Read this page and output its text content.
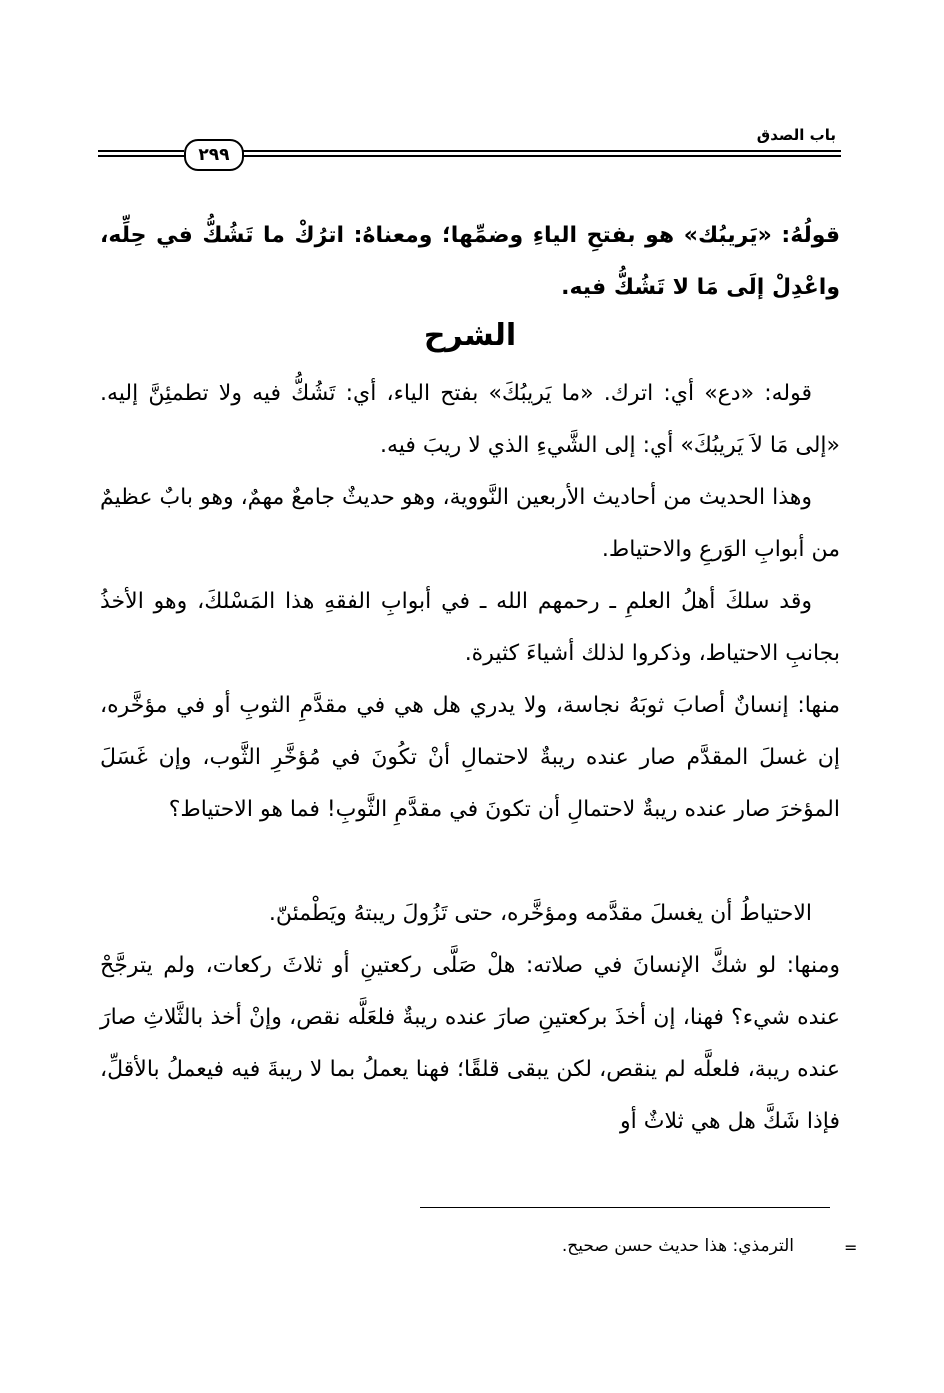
باب الصدق
٢٩٩
قولُهُ: «يَريبُك» هو بفتحِ الياءِ وضمِّها؛ ومعناهُ: اترُكْ ما تَشُكُّ في حِلِّه، واعْدِلْ إلَى مَا لا تَشُكُّ فيه.
الشرح
قوله: «دع» أي: اترك. «ما يَريبُكَ» بفتح الياء، أي: تَشُكُّ فيه ولا تطمئِنَّ إليه. «إلى مَا لاَ يَريبُكَ» أي: إلى الشَّيءِ الذي لا ريبَ فيه.
وهذا الحديث من أحاديث الأربعين النَّووية، وهو حديثٌ جامعٌ مهمٌ، وهو بابٌ عظيمٌ من أبوابِ الوَرعِ والاحتياط.
وقد سلكَ أهلُ العلمِ ـ رحمهم الله ـ في أبوابِ الفقهِ هذا المَسْلكَ، وهو الأخذُ بجانبِ الاحتياط، وذكروا لذلك أشياءَ كثيرة.
منها: إنسانٌ أصابَ ثوبَهُ نجاسة، ولا يدري هل هي في مقدَّمِ الثوبِ أو في مؤخَّره، إن غسلَ المقدَّم صار عنده ريبةٌ لاحتمالِ أنْ تكُونَ في مُؤخَّرِ الثَّوب، وإن غَسَلَ المؤخرَ صار عنده ريبةٌ لاحتمالِ أن تكونَ في مقدَّمِ الثَّوبِ! فما هو الاحتياط؟
الاحتياطُ أن يغسلَ مقدَّمه ومؤخَّره، حتى تَزُولَ ريبتهُ ويَطْمئنّ.
ومنها: لو شكَّ الإنسانَ في صلاته: هلْ صَلَّى ركعتينِ أو ثلاثَ ركعات، ولم يترجَّحْ عنده شيء؟ فهنا، إن أخذَ بركعتينِ صارَ عنده ريبةٌ فلعَلَّه نقص، وإنْ أخذ بالثَّلاثِ صارَ عنده ريبة، فلعلَّه لم ينقص، لكن يبقى قلقًا؛ فهنا يعملُ بما لا ريبةَ فيه فيعملُ بالأقلِّ، فإذا شَكَّ هل هي ثلاثٌ أو
=
الترمذي: هذا حديث حسن صحيح.
